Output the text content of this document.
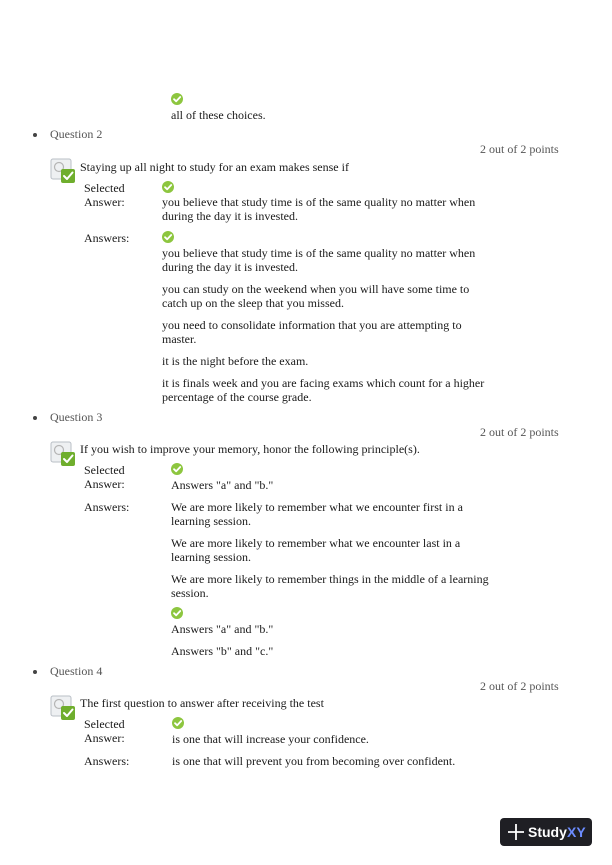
all of these choices.
Question 2
2 out of 2 points
Staying up all night to study for an exam makes sense if
Selected
Answer:	you believe that study time is of the same quality no matter when
during the day it is invested.
Answers:
you believe that study time is of the same quality no matter when
during the day it is invested.
you can study on the weekend when you will have some time to
catch up on the sleep that you missed.
you need to consolidate information that you are attempting to
master.
it is the night before the exam.
it is finals week and you are facing exams which count for a higher
percentage of the course grade.
Question 3
2 out of 2 points
If you wish to improve your memory, honor the following principle(s).
Selected
Answer:	Answers "a" and "b."
Answers:	We are more likely to remember what we encounter first in a
learning session.
We are more likely to remember what we encounter last in a
learning session.
We are more likely to remember things in the middle of a learning
session.
Answers "a" and "b."
Answers "b" and "c."
Question 4
2 out of 2 points
The first question to answer after receiving the test
Selected
Answer:	is one that will increase your confidence.
Answers:	is one that will prevent you from becoming over confident.
Study XY
